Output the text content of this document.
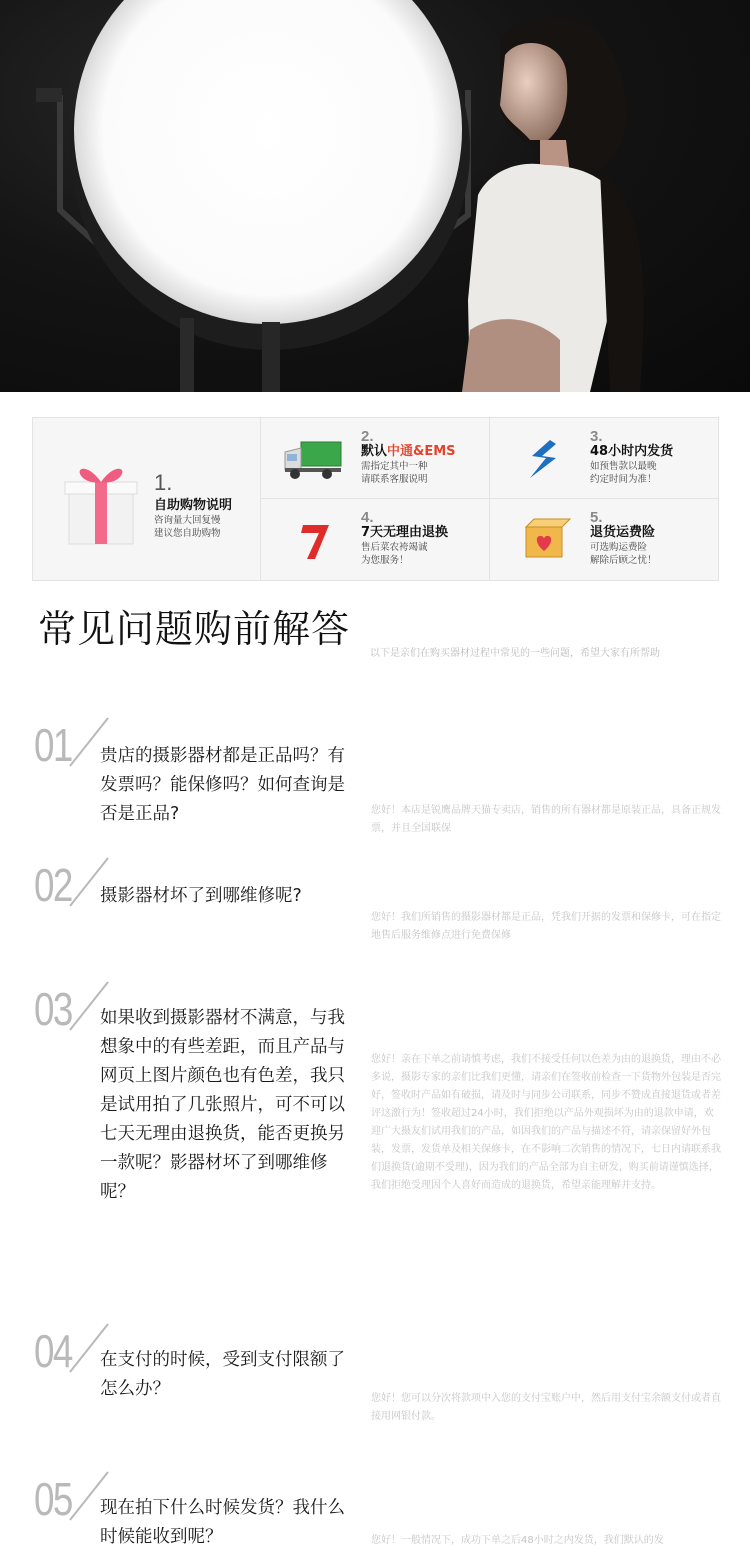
1.
自助购物说明
咨询量大回复慢
建议您自助购物
2.
默认中通&EMS
需指定其中一种
请联系客服说明
3.
48小时内发货
如预售款以最晚
约定时间为准！
4.
7天无理由退换
售后菜农袴竭诚
为您服务！
5.
退货运费险
可选购运费险
解除后顾之忧！
常见问题购前解答
以下是亲们在购买器材过程中常见的一些问题，希望大家有所帮助
01 贵店的摄影器材都是正品吗？有发票吗？能保修吗？如何查询是否是正品?	您好！本店是锐鹰品牌天猫专卖店，销售的所有器材都是原装正品，具备正规发票，并且全国联保
02 摄影器材坏了到哪维修呢?
您好！我们所销售的摄影器材都是正品，凭我们开据的发票和保修卡，可在指定地售后服务维修点进行免费保修
03 如果收到摄影器材不满意，与我想象中的有些差距，而且产品与网页上图片颜色也有色差，我只是试用拍了几张照片，可不可以七天无理由退换货，能否更换另一款呢？影器材坏了到哪维修呢？
您好！亲在下单之前请慎考虑，我们不接受任何以色差为由的退换货，理由不必多说，摄影专家的亲们比我们更懂，请亲们在签收前检查一下货物外包装是否完好，签收时产品如有破损，请及时与同步公司联系，同步不赞成直接退货或者差评这激行为！签收超过24小时，我们拒绝以产品外观损坏为由的退款申请，欢迎广大摄友们试用我们的产品，如因我们的产品与描述不符，请亲保留好外包装，发票，发货单及相关保修卡，在不影响二次销售的情况下，七日内请联系我们退换货(逾期不受理)，因为我们的产品全部为自主研发，购买前请谨慎选择，我们拒绝受理因个人喜好而造成的退换货，希望亲能理解并支持。
04 在支付的时候，受到支付限额了怎么办？	您好！您可以分次将款项中入您的支付宝账户中，然后用支付宝余额支付或者直接用网银付款。
05 现在拍下什么时候发货？我什么时候能收到呢？	您好！一般情况下，成功下单之后48小时之内发货，我们默认的发
